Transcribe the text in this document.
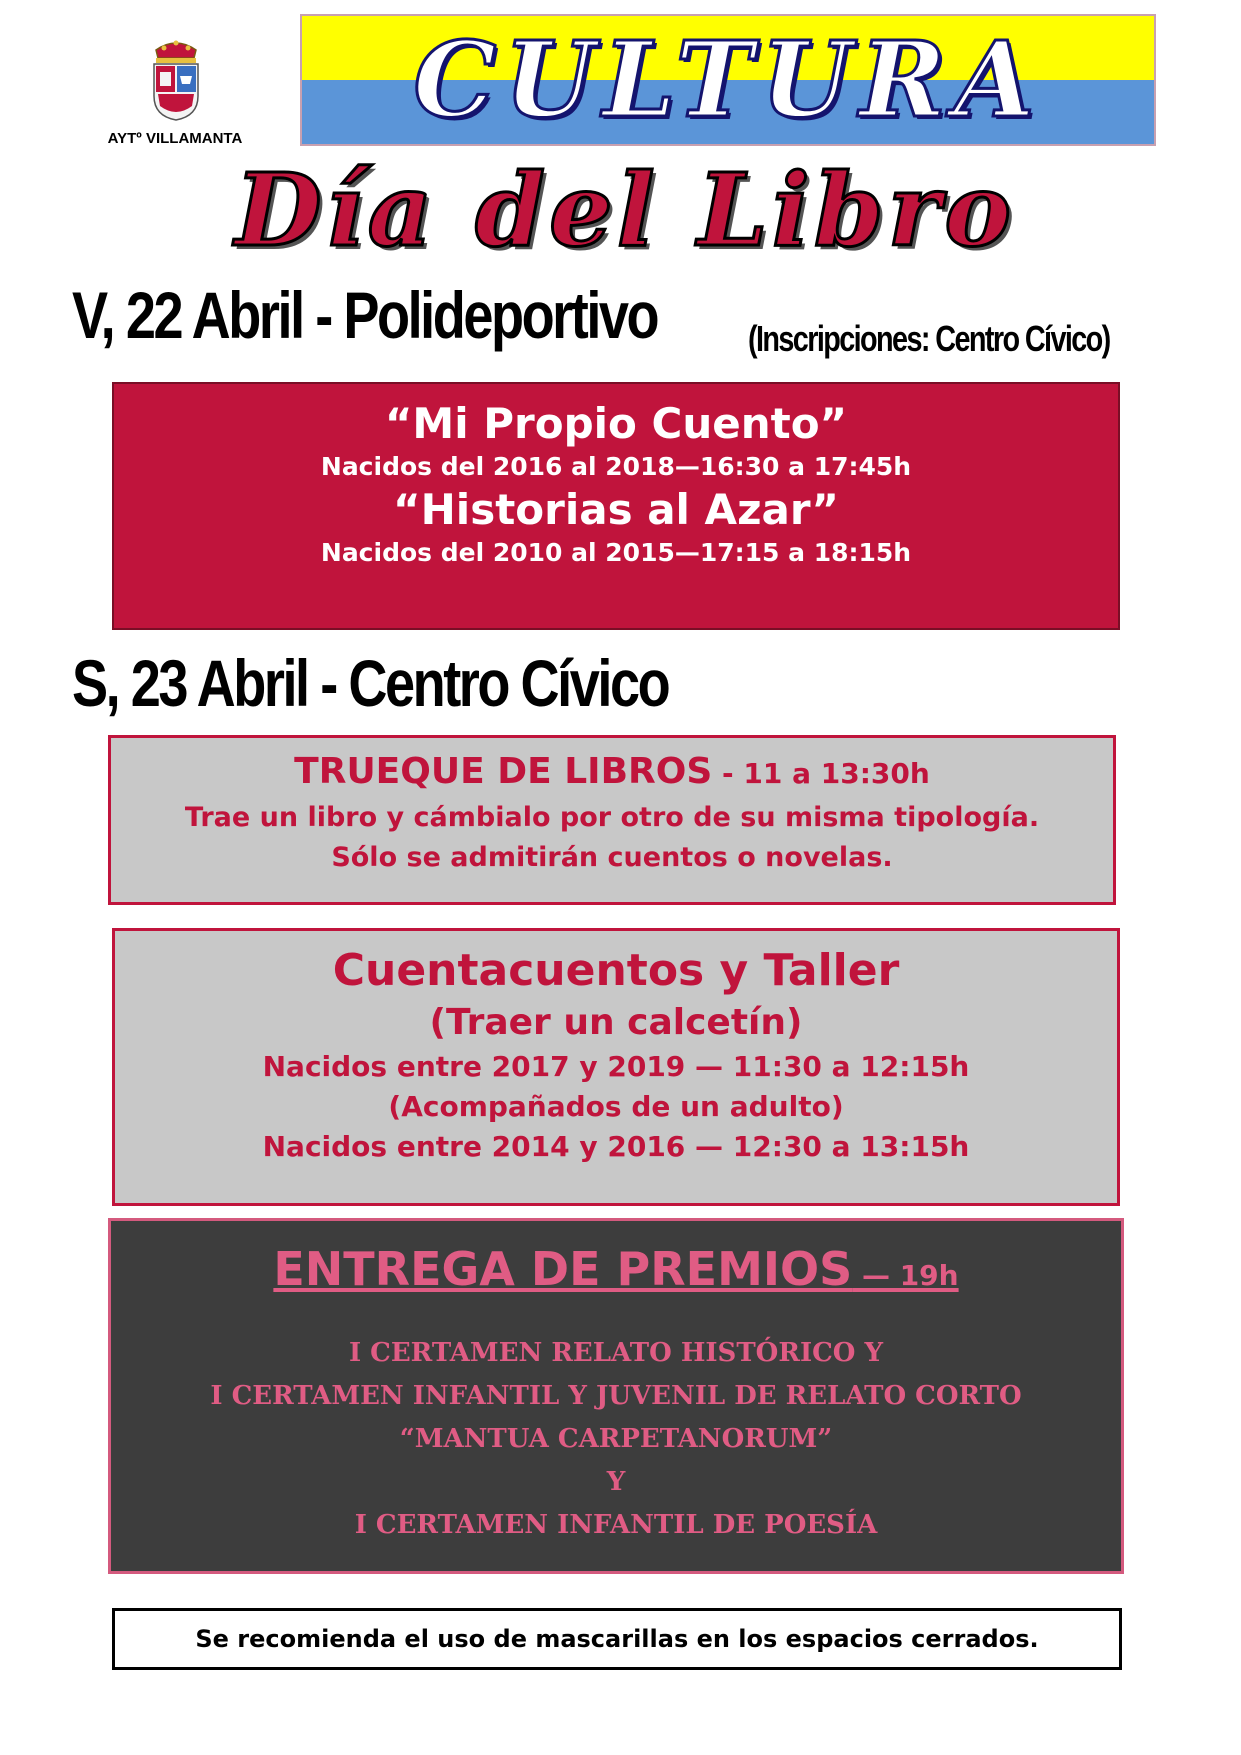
AYTº VILLAMANTA	CULTURA
Día del Libro
V, 22 Abril - Polideportivo	(Inscripciones: Centro Cívico)
“Mi Propio Cuento”
Nacidos del 2016 al 2018—16:30 a 17:45h
“Historias al Azar”
Nacidos del 2010 al 2015—17:15 a 18:15h
S, 23 Abril - Centro Cívico
TRUEQUE DE LIBROS - 11 a 13:30h
Trae un libro y cámbialo por otro de su misma tipología.
Sólo se admitirán cuentos o novelas.
Cuentacuentos y Taller
(Traer un calcetín)
Nacidos entre 2017 y 2019 — 11:30 a 12:15h
(Acompañados de un adulto)
Nacidos entre 2014 y 2016 — 12:30 a 13:15h
ENTREGA DE PREMIOS — 19h
I CERTAMEN RELATO HISTÓRICO Y
I CERTAMEN INFANTIL Y JUVENIL DE RELATO CORTO
“MANTUA CARPETANORUM”
Y
I CERTAMEN INFANTIL DE POESÍA
Se recomienda el uso de mascarillas en los espacios cerrados.
